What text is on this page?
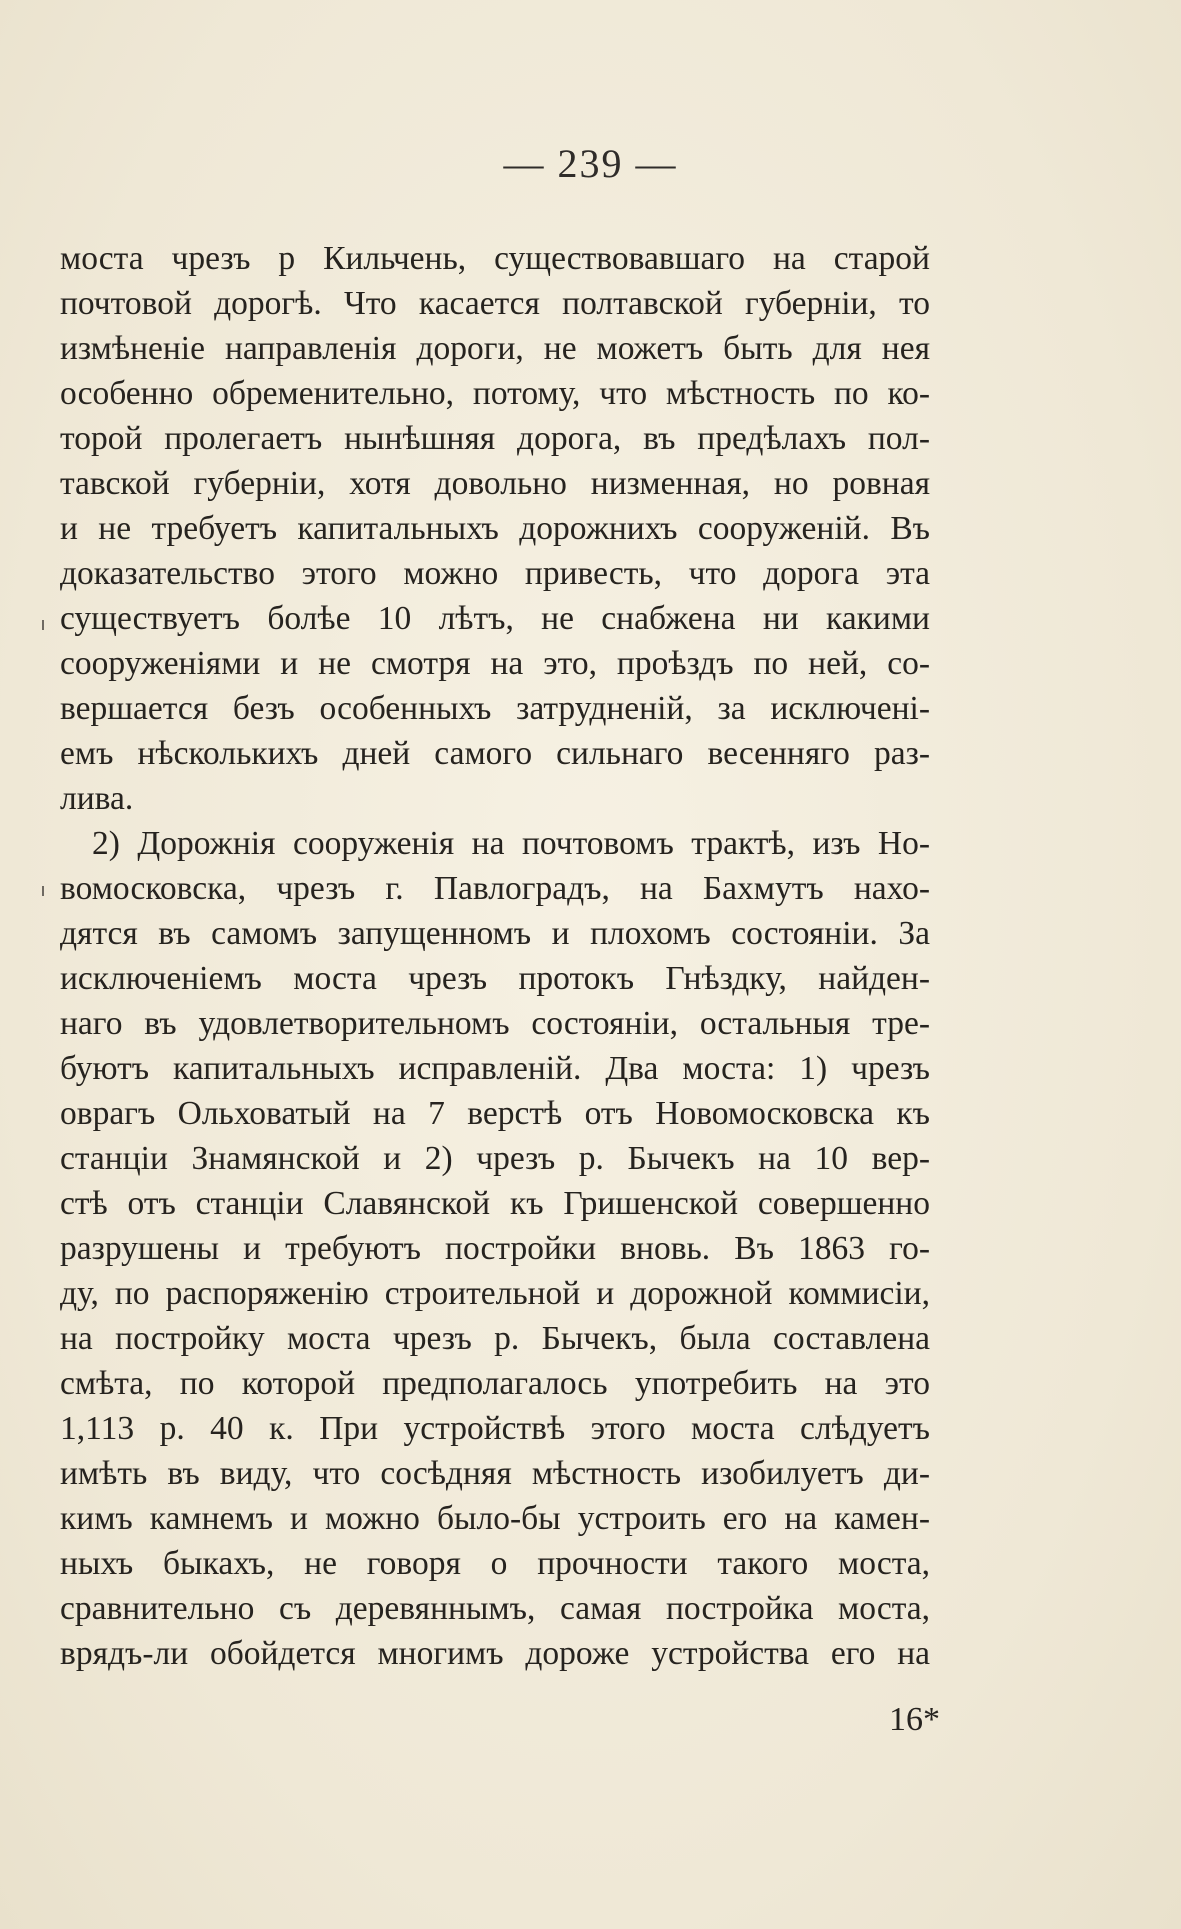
— 239 —
моста чрезъ р Кильчень, существовавшаго на старой
почтовой дорогѣ. Что касается полтавской губерніи, то
измѣненіе направленія дороги, не можетъ быть для нея
особенно обременительно, потому, что мѣстность по ко-
торой пролегаетъ нынѣшняя дорога, въ предѣлахъ пол-
тавской губерніи, хотя довольно низменная, но ровная
и не требуетъ капитальныхъ дорожнихъ сооруженій. Въ
доказательство этого можно привесть, что дорога эта
существуетъ болѣе 10 лѣтъ, не снабжена ни какими
сооруженіями и не смотря на это, проѣздъ по ней, со-
вершается безъ особенныхъ затрудненій, за исключені-
емъ нѣсколькихъ дней самого сильнаго весенняго раз-
лива.
2) Дорожнія сооруженія на почтовомъ трактѣ, изъ Но-
вомосковска, чрезъ г. Павлоградъ, на Бахмутъ нахо-
дятся въ самомъ запущенномъ и плохомъ состояніи. За
исключеніемъ моста чрезъ протокъ Гнѣздку, найден-
наго въ удовлетворительномъ состояніи, остальныя тре-
буютъ капитальныхъ исправленій. Два моста: 1) чрезъ
оврагъ Ольховатый на 7 верстѣ отъ Новомосковска къ
станціи Знамянской и 2) чрезъ р. Бычекъ на 10 вер-
стѣ отъ станціи Славянской къ Гришенской совершенно
разрушены и требуютъ постройки вновь. Въ 1863 го-
ду, по распоряженію строительной и дорожной коммисіи,
на постройку моста чрезъ р. Бычекъ, была составлена
смѣта, по которой предполагалось употребить на это
1,113 р. 40 к. При устройствѣ этого моста слѣдуетъ
имѣть въ виду, что сосѣдняя мѣстность изобилуетъ ди-
кимъ камнемъ и можно было-бы устроить его на камен-
ныхъ быкахъ, не говоря о прочности такого моста,
сравнительно съ деревяннымъ, самая постройка моста,
врядъ-ли обойдется многимъ дороже устройства его на
16*
